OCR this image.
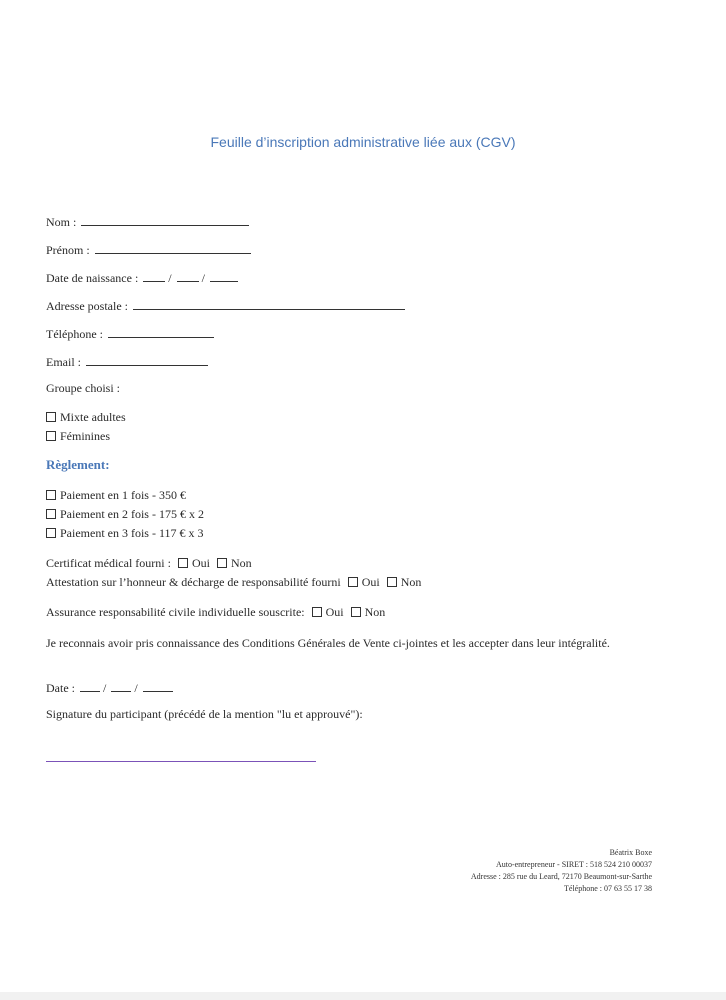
Feuille d’inscription administrative liée aux (CGV)
Nom :
Prénom :
Date de naissance :	/	/
Adresse postale :
Téléphone :
Email :
Groupe choisi :
Mixte adultes
Féminines
Règlement:
Paiement en 1 fois - 350 €
Paiement en 2 fois - 175 € x 2
Paiement en 3 fois - 117 € x 3
Certificat médical fourni : Oui Non
Attestation sur l’honneur & décharge de responsabilité fourni Oui Non
Assurance responsabilité civile individuelle souscrite: Oui Non
Je reconnais avoir pris connaissance des Conditions Générales de Vente ci-jointes et les accepter dans leur intégralité.
Date : / /
Signature du participant (précédé de la mention "lu et approuvé"):
Béatrix Boxe
Auto-entrepreneur - SIRET : 518 524 210 00037
Adresse : 285 rue du Leard, 72170 Beaumont-sur-Sarthe
Téléphone : 07 63 55 17 38
